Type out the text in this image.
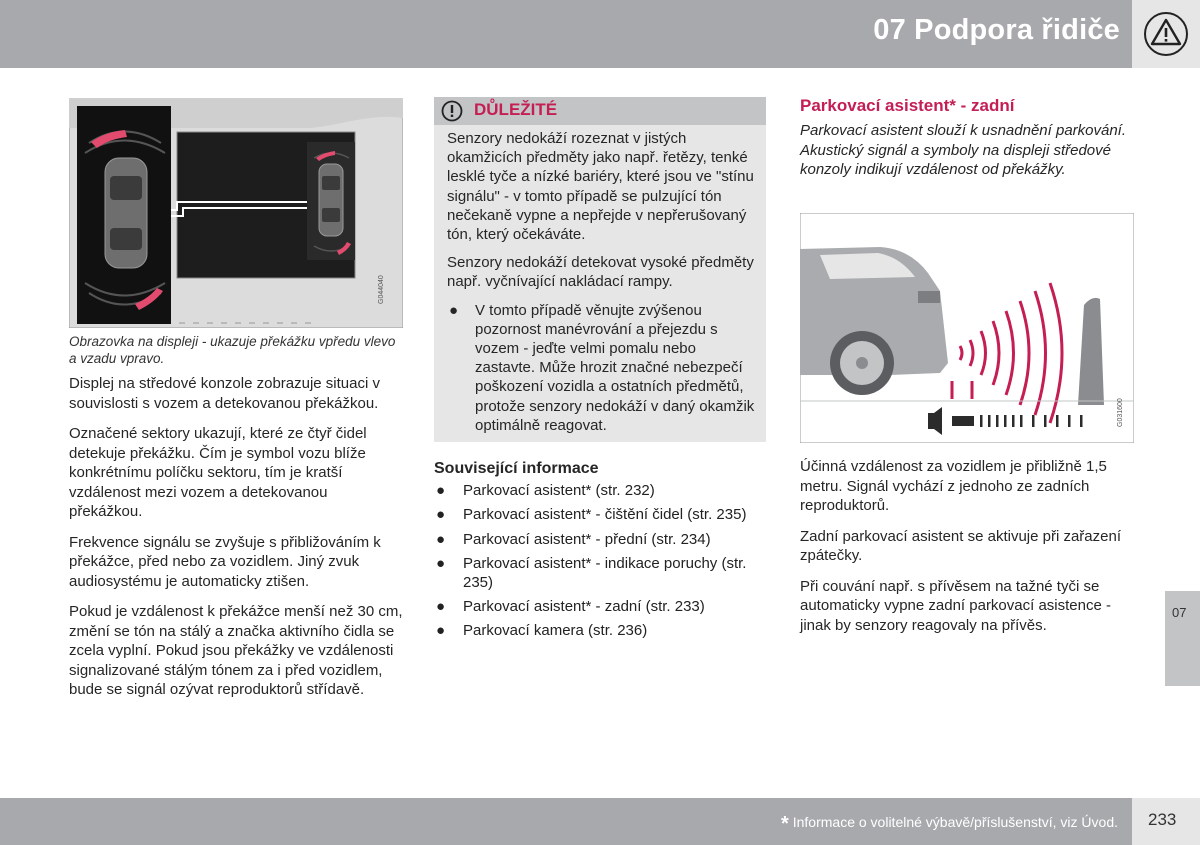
07 Podpora řidiče
G044040
Obrazovka na displeji - ukazuje překážku vpředu vlevo a vzadu vpravo.

Displej na středové konzole zobrazuje situaci v souvislosti s vozem a detekovanou překážkou.

Označené sektory ukazují, které ze čtyř čidel detekuje překážku. Čím je symbol vozu blíže konkrétnímu políčku sektoru, tím je kratší vzdálenost mezi vozem a detekovanou překážkou.

Frekvence signálu se zvyšuje s přibližováním k překážce, před nebo za vozidlem. Jiný zvuk audiosystému je automaticky ztišen.

Pokud je vzdálenost k překážce menší než 30 cm, změní se tón na stálý a značka aktivního čidla se zcela vyplní. Pokud jsou překážky ve vzdálenosti signalizované stálým tónem za i před vozidlem, bude se signál ozývat reproduktorů střídavě.

DŮLEŽITÉ

Senzory nedokáží rozeznat v jistých okamžicích předměty jako např. řetězy, tenké lesklé tyče a nízké bariéry, které jsou ve "stínu signálu" - v tomto případě se pulzující tón nečekaně vypne a nepřejde v nepřerušovaný tón, který očekáváte.

Senzory nedokáží detekovat vysoké předměty např. vyčnívající nakládací rampy.

● V tomto případě věnujte zvýšenou pozornost manévrování a přejezdu s vozem - jeďte velmi pomalu nebo zastavte. Může hrozit značné nebezpečí poškození vozidla a ostatních předmětů, protože senzory nedokáží v daný okamžik optimálně reagovat.
Související informace
● Parkovací asistent* (str. 232)
● Parkovací asistent* - čištění čidel (str. 235)
● Parkovací asistent* - přední (str. 234)
● Parkovací asistent* - indikace poruchy (str. 235)
● Parkovací asistent* - zadní (str. 233)
● Parkovací kamera (str. 236)
Parkovací asistent* - zadní
Parkovací asistent slouží k usnadnění parkování. Akustický signál a symboly na displeji středové konzoly indikují vzdálenost od překážky.
G031600

Účinná vzdálenost za vozidlem je přibližně 1,5 metru. Signál vychází z jednoho ze zadních reproduktorů.

Zadní parkovací asistent se aktivuje při zařazení zpátečky.

Při couvání např. s přívěsem na tažné tyči se automaticky vypne zadní parkovací asistence - jinak by senzory reagovaly na přívěs.

07
* Informace o volitelné výbavě/příslušenství, viz Úvod. 233
